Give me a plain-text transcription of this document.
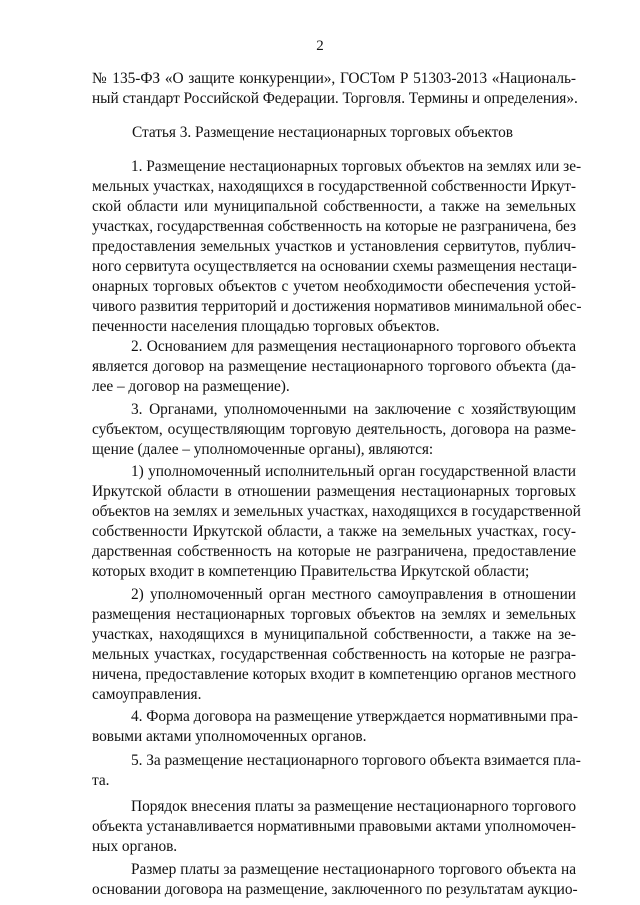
2
№ 135-ФЗ «О защите конкуренции», ГОСТом Р 51303-2013 «Националь-
ный стандарт Российской Федерации. Торговля. Термины и определения».
Статья 3. Размещение нестационарных торговых объектов
1. Размещение нестационарных торговых объектов на землях или зе-
мельных участках, находящихся в государственной собственности Иркут-
ской области или муниципальной собственности, а также на земельных
участках, государственная собственность на которые не разграничена, без
предоставления земельных участков и установления сервитутов, публич-
ного сервитута осуществляется на основании схемы размещения нестаци-
онарных торговых объектов с учетом необходимости обеспечения устой-
чивого развития территорий и достижения нормативов минимальной обес-
печенности населения площадью торговых объектов.
2. Основанием для размещения нестационарного торгового объекта
является договор на размещение нестационарного торгового объекта (да-
лее – договор на размещение).
3. Органами, уполномоченными на заключение с хозяйствующим
субъектом, осуществляющим торговую деятельность, договора на разме-
щение (далее – уполномоченные органы), являются:
1) уполномоченный исполнительный орган государственной власти
Иркутской области в отношении размещения нестационарных торговых
объектов на землях и земельных участках, находящихся в государственной
собственности Иркутской области, а также на земельных участках, госу-
дарственная собственность на которые не разграничена, предоставление
которых входит в компетенцию Правительства Иркутской области;
2) уполномоченный орган местного самоуправления в отношении
размещения нестационарных торговых объектов на землях и земельных
участках, находящихся в муниципальной собственности, а также на зе-
мельных участках, государственная собственность на которые не разгра-
ничена, предоставление которых входит в компетенцию органов местного
самоуправления.
4. Форма договора на размещение утверждается нормативными пра-
вовыми актами уполномоченных органов.
5. За размещение нестационарного торгового объекта взимается пла-
та.
Порядок внесения платы за размещение нестационарного торгового
объекта устанавливается нормативными правовыми актами уполномочен-
ных органов.
Размер платы за размещение нестационарного торгового объекта на
основании договора на размещение, заключенного по результатам аукцио-
